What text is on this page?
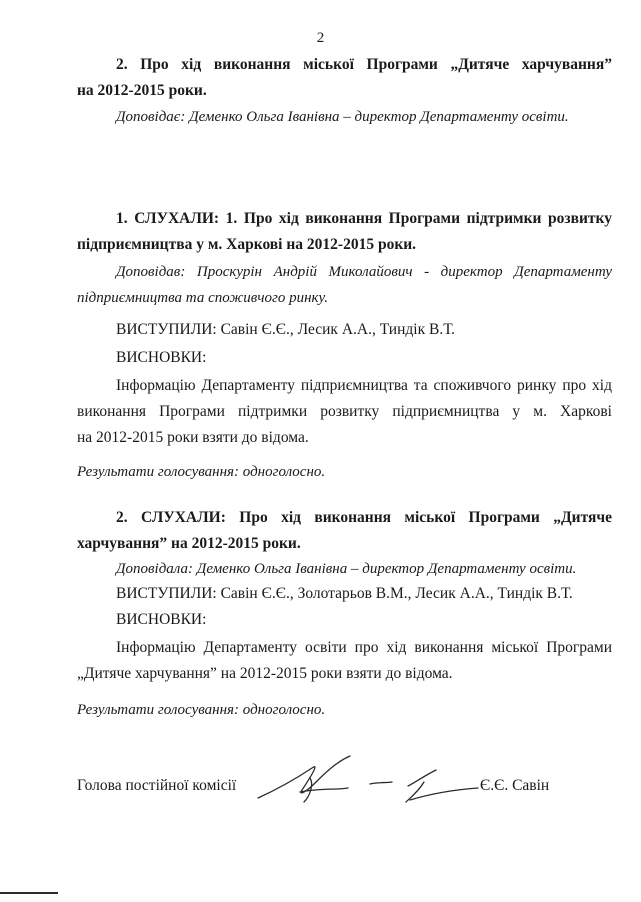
2
2. Про хід виконання міської Програми „Дитяче харчування”
на 2012-2015 роки.
Доповідає: Деменко Ольга Іванівна – директор Департаменту освіти.
1. СЛУХАЛИ: 1. Про хід виконання Програми підтримки розвитку
підприємництва у м. Харкові на 2012-2015 роки.
Доповідав: Проскурін Андрій Миколайович - директор Департаменту
підприємництва та споживчого ринку.
ВИСТУПИЛИ: Савін Є.Є., Лесик А.А., Тиндік В.Т.
ВИСНОВКИ:
Інформацію Департаменту підприємництва та споживчого ринку про хід
виконання Програми підтримки розвитку підприємництва у м. Харкові
на 2012-2015 роки взяти до відома.
Результати голосування: одноголосно.
2. СЛУХАЛИ: Про хід виконання міської Програми „Дитяче
харчування” на 2012-2015 роки.
Доповідала: Деменко Ольга Іванівна – директор Департаменту освіти.
ВИСТУПИЛИ: Савін Є.Є., Золотарьов В.М., Лесик А.А., Тиндік В.Т.
ВИСНОВКИ:
Інформацію Департаменту освіти про хід виконання міської Програми
„Дитяче харчування” на 2012-2015 роки взяти до відома.
Результати голосування: одноголосно.
Голова постійної комісії	Є.Є. Савін
